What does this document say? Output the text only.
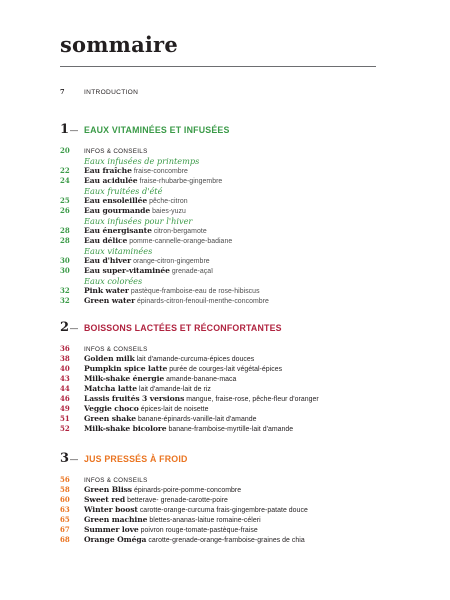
sommaire
7	INTRODUCTION
1 — EAUX VITAMINÉES ET INFUSÉES
20	INFOS & CONSEILS
Eaux infusées de printemps
22	Eau fraîche fraise-concombre
24	Eau acidulée fraise-rhubarbe-gingembre
Eaux fruitées d'été
25	Eau ensoleillée pêche-citron
26	Eau gourmande baies-yuzu
Eaux infusées pour l'hiver
28	Eau énergisante citron-bergamote
28	Eau délice pomme-cannelle-orange-badiane
Eaux vitaminées
30	Eau d'hiver orange-citron-gingembre
30	Eau super-vitaminée grenade-açaï
Eaux colorées
32	Pink water pastèque-framboise-eau de rose-hibiscus
32	Green water épinards-citron-fenouil-menthe-concombre
2 — BOISSONS LACTÉES ET RÉCONFORTANTES
36	INFOS & CONSEILS
38	Golden milk lait d'amande-curcuma-épices douces
40	Pumpkin spice latte purée de courges-lait végétal-épices
43	Milk-shake énergie amande-banane-maca
44	Matcha latte lait d'amande-lait de riz
46	Lassis fruités 3 versions mangue, fraise-rose, pêche-fleur d'oranger
49	Veggie choco épices-lait de noisette
51	Green shake banane-épinards-vanille-lait d'amande
52	Milk-shake bicolore banane-framboise-myrtille-lait d'amande
3 — JUS PRESSÉS À FROID
56	INFOS & CONSEILS
58	Green Bliss épinards-poire-pomme-concombre
60	Sweet red betterave- grenade-carotte-poire
63	Winter boost carotte-orange-curcuma frais-gingembre-patate douce
65	Green machine blettes-ananas-laitue romaine-céleri
67	Summer love poivron rouge-tomate-pastèque-fraise
68	Orange Oméga carotte-grenade-orange-framboise-graines de chia
